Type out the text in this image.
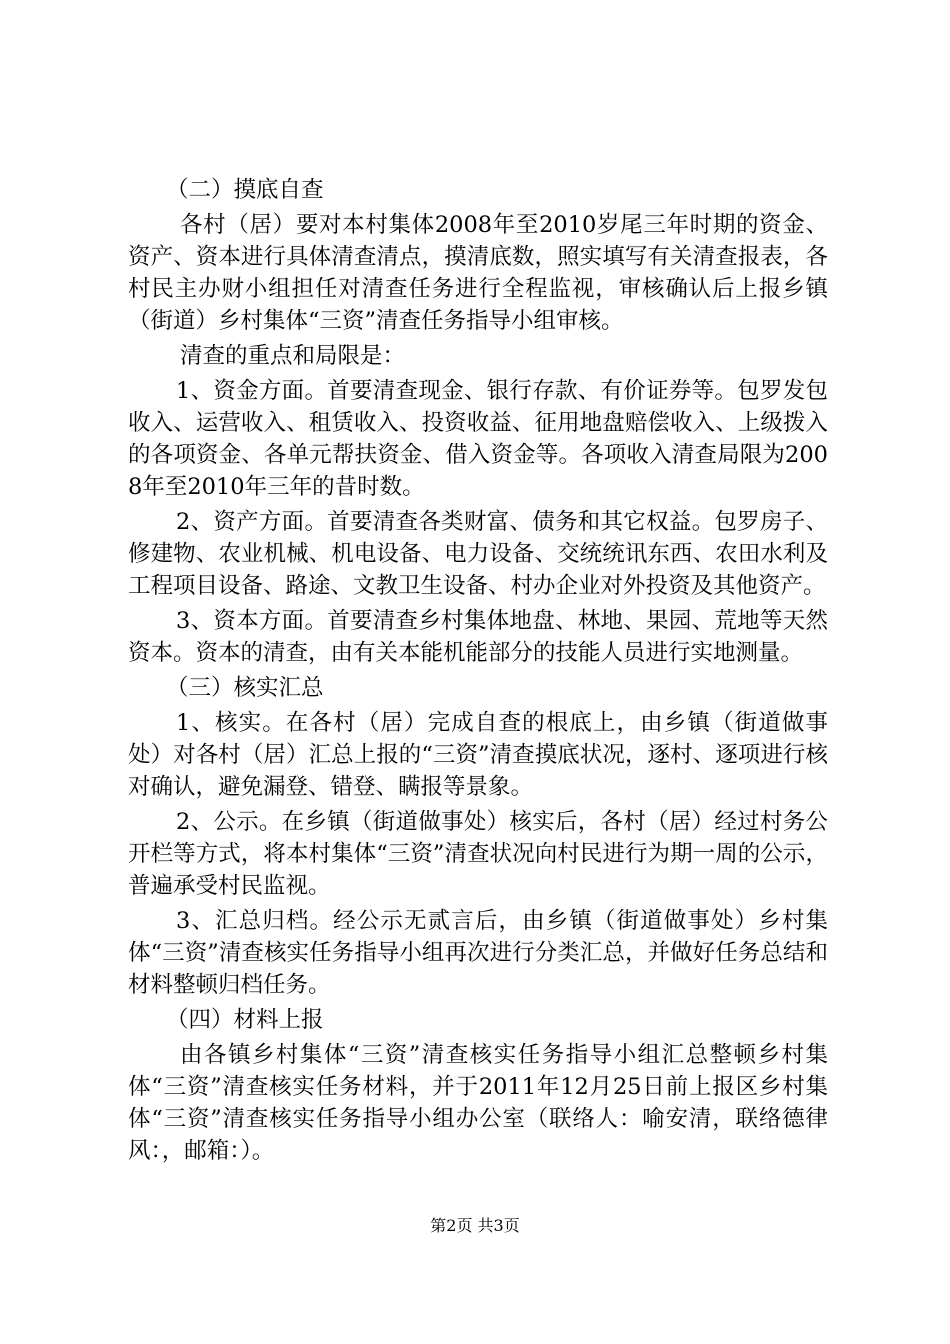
（二）摸底自查

各村（居）要对本村集体2008年至2010岁尾三年时期的资金、资产、资本进行具体清查清点，摸清底数，照实填写有关清查报表，各村民主办财小组担任对清查任务进行全程监视，审核确认后上报乡镇（街道）乡村集体“三资”清查任务指导小组审核。

清查的重点和局限是：

1、资金方面。首要清查现金、银行存款、有价证券等。包罗发包收入、运营收入、租赁收入、投资收益、征用地盘赔偿收入、上级拨入的各项资金、各单元帮扶资金、借入资金等。各项收入清查局限为2008年至2010年三年的昔时数。

2、资产方面。首要清查各类财富、债务和其它权益。包罗房子、修建物、农业机械、机电设备、电力设备、交统统讯东西、农田水利及工程项目设备、路途、文教卫生设备、村办企业对外投资及其他资产。

3、资本方面。首要清查乡村集体地盘、林地、果园、荒地等天然资本。资本的清查，由有关本能机能部分的技能人员进行实地测量。

（三）核实汇总

1、核实。在各村（居）完成自查的根底上，由乡镇（街道做事处）对各村（居）汇总上报的“三资”清查摸底状况，逐村、逐项进行核对确认，避免漏登、错登、瞒报等景象。

2、公示。在乡镇（街道做事处）核实后，各村（居）经过村务公开栏等方式，将本村集体“三资”清查状况向村民进行为期一周的公示，普遍承受村民监视。

3、汇总归档。经公示无贰言后，由乡镇（街道做事处）乡村集体“三资”清查核实任务指导小组再次进行分类汇总，并做好任务总结和材料整顿归档任务。

（四）材料上报

由各镇乡村集体“三资”清查核实任务指导小组汇总整顿乡村集体“三资”清查核实任务材料，并于2011年12月25日前上报区乡村集体“三资”清查核实任务指导小组办公室（联络人：喻安清，联络德律风：，邮箱：）。

第2页 共3页
